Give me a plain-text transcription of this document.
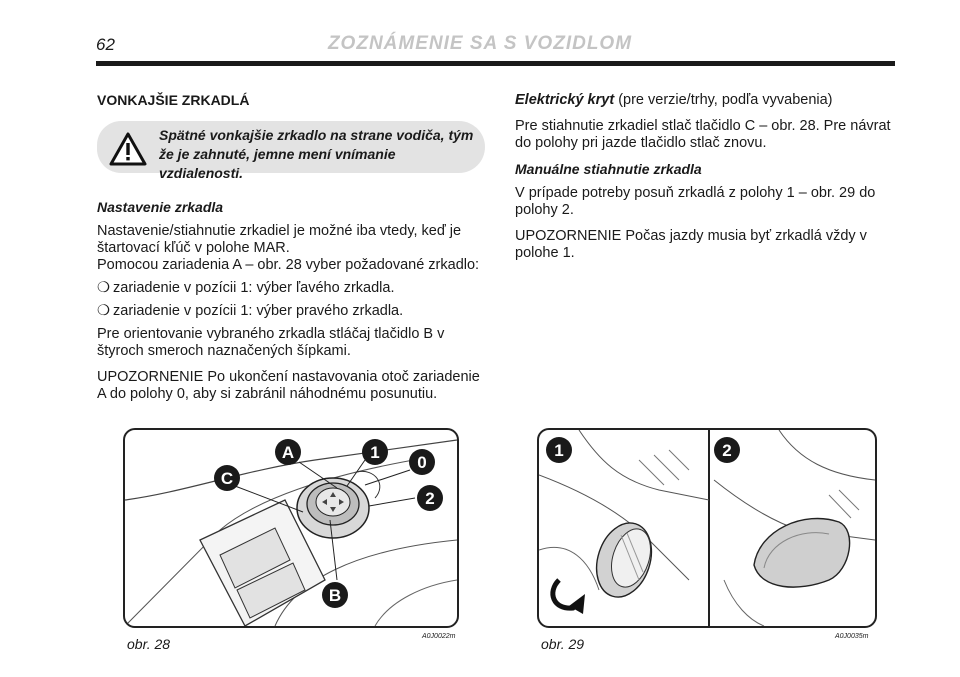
62	ZOZNÁMENIE SA S VOZIDLOM

VONKAJŠIE ZRKADLÁ

Spätné vonkajšie zrkadlo na strane vodiča, tým že je zahnuté, jemne mení vnímanie vzdialenosti.

Nastavenie zrkadla

Nastavenie/stiahnutie zrkadiel je možné iba vtedy, keď je štartovací kľúč v polohe MAR.
Pomocou zariadenia A – obr. 28 vyber požadované zrkadlo:

❍ zariadenie v pozícii 1: výber ľavého zrkadla.

❍ zariadenie v pozícii 1: výber pravého zrkadla.

Pre orientovanie vybraného zrkadla stláčaj tlačidlo B v štyroch smeroch naznačených šípkami.

UPOZORNENIE Po ukončení nastavovania otoč zariadenie A do polohy 0, aby si zabránil náhodnému posunutiu.

Elektrický kryt (pre verzie/trhy, podľa vyvabenia)

Pre stiahnutie zrkadiel stlač tlačidlo C – obr. 28. Pre návrat do polohy pri jazde tlačidlo stlač znovu.

Manuálne stiahnutie zrkadla

V prípade potreby posuň zrkadlá z polohy 1 – obr. 29 do polohy 2.

UPOZORNENIE Počas jazdy musia byť zrkadlá vždy v polohe 1.

A	1
0
2
C
B
obr. 28	A0J0022m
1	2
obr. 29	A0J0035m
